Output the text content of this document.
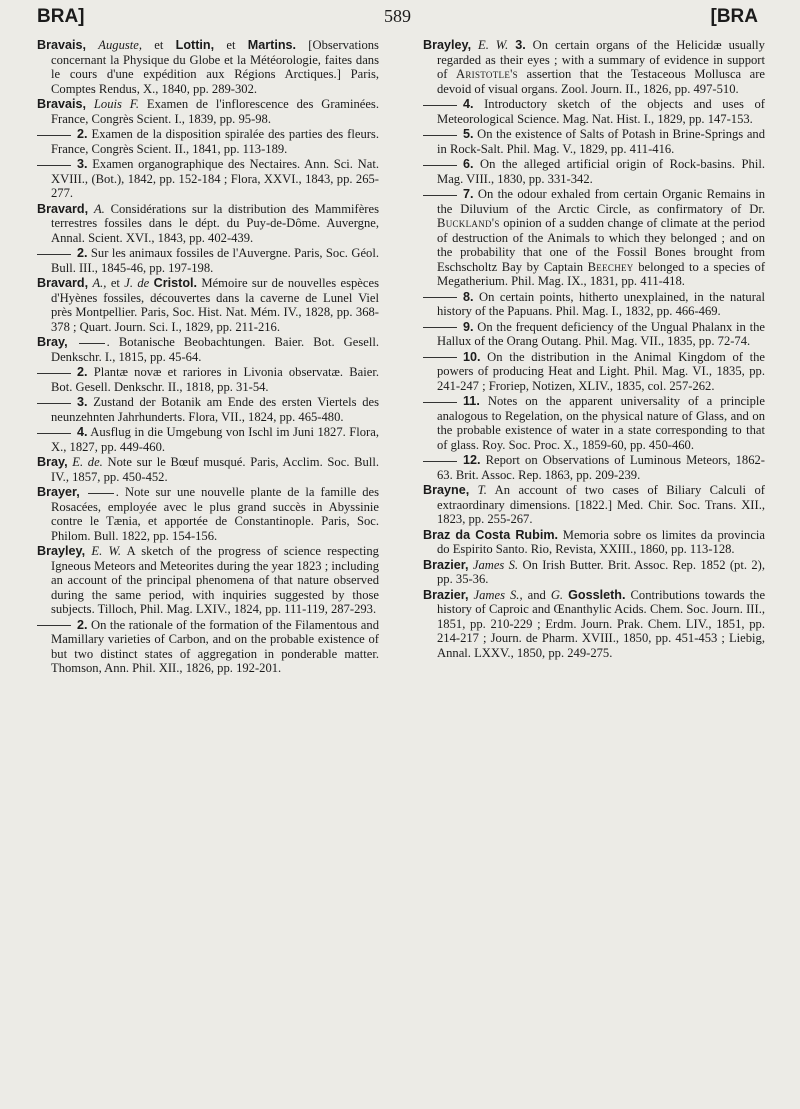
BRA]	589	[BRA
Bravais, Auguste, et Lottin, et Martins. [Observations concernant la Physique du Globe et la Météorologie, faites dans le cours d'une expédition aux Régions Arctiques.] Paris, Comptes Rendus, X., 1840, pp. 289-302.
Bravais, Louis F. Examen de l'inflorescence des Graminées. France, Congrès Scient. I., 1839, pp. 95-98.
2. Examen de la disposition spiralée des parties des fleurs. France, Congrès Scient. II., 1841, pp. 113-189.
3. Examen organographique des Nectaires. Ann. Sci. Nat. XVIII., (Bot.), 1842, pp. 152-184 ; Flora, XXVI., 1843, pp. 265-277.
Bravard, A. Considérations sur la distribution des Mammifères terrestres fossiles dans le dépt. du Puy-de-Dôme. Auvergne, Annal. Scient. XVI., 1843, pp. 402-439.
2. Sur les animaux fossiles de l'Auvergne. Paris, Soc. Géol. Bull. III., 1845-46, pp. 197-198.
Bravard, A., et J. de Cristol. Mémoire sur de nouvelles espèces d'Hyènes fossiles, découvertes dans la caverne de Lunel Viel près Montpellier. Paris, Soc. Hist. Nat. Mém. IV., 1828, pp. 368-378 ; Quart. Journ. Sci. I., 1829, pp. 211-216.
Bray,	. Botanische Beobachtungen. Baier. Bot. Gesell. Denkschr. I., 1815, pp. 45-64.
2. Plantæ novæ et rariores in Livonia observatæ. Baier. Bot. Gesell. Denkschr. II., 1818, pp. 31-54.
3. Zustand der Botanik am Ende des ersten Viertels des neunzehnten Jahrhunderts. Flora, VII., 1824, pp. 465-480.
4. Ausflug in die Umgebung von Ischl im Juni 1827. Flora, X., 1827, pp. 449-460.
Bray, E. de. Note sur le Bœuf musqué. Paris, Acclim. Soc. Bull. IV., 1857, pp. 450-452.
Brayer,	. Note sur une nouvelle plante de la famille des Rosacées, employée avec le plus grand succès in Abyssinie contre le Tænia, et apportée de Constantinople. Paris, Soc. Philom. Bull. 1822, pp. 154-156.
Brayley, E. W. A sketch of the progress of science respecting Igneous Meteors and Meteorites during the year 1823 ; including an account of the principal phenomena of that nature observed during the same period, with inquiries suggested by those subjects. Tilloch, Phil. Mag. LXIV., 1824, pp. 111-119, 287-293.
2. On the rationale of the formation of the Filamentous and Mamillary varieties of Carbon, and on the probable existence of but two distinct states of aggregation in ponderable matter. Thomson, Ann. Phil. XII., 1826, pp. 192-201.
Brayley, E. W. 3. On certain organs of the Helicidæ usually regarded as their eyes ; with a summary of evidence in support of Aristotle's assertion that the Testaceous Mollusca are devoid of visual organs. Zool. Journ. II., 1826, pp. 497-510.
4. Introductory sketch of the objects and uses of Meteorological Science. Mag. Nat. Hist. I., 1829, pp. 147-153.
5. On the existence of Salts of Potash in Brine-Springs and in Rock-Salt. Phil. Mag. V., 1829, pp. 411-416.
6. On the alleged artificial origin of Rock-basins. Phil. Mag. VIII., 1830, pp. 331-342.
7. On the odour exhaled from certain Organic Remains in the Diluvium of the Arctic Circle, as confirmatory of Dr. Buckland's opinion of a sudden change of climate at the period of destruction of the Animals to which they belonged ; and on the probability that one of the Fossil Bones brought from Eschscholtz Bay by Captain Beechey belonged to a species of Megatherium. Phil. Mag. IX., 1831, pp. 411-418.
8. On certain points, hitherto unexplained, in the natural history of the Papuans. Phil. Mag. I., 1832, pp. 466-469.
9. On the frequent deficiency of the Ungual Phalanx in the Hallux of the Orang Outang. Phil. Mag. VII., 1835, pp. 72-74.
10. On the distribution in the Animal Kingdom of the powers of producing Heat and Light. Phil. Mag. VI., 1835, pp. 241-247 ; Froriep, Notizen, XLIV., 1835, col. 257-262.
11. Notes on the apparent universality of a principle analogous to Regelation, on the physical nature of Glass, and on the probable existence of water in a state corresponding to that of glass. Roy. Soc. Proc. X., 1859-60, pp. 450-460.
12. Report on Observations of Luminous Meteors, 1862-63. Brit. Assoc. Rep. 1863, pp. 209-239.
Brayne, T. An account of two cases of Biliary Calculi of extraordinary dimensions. [1822.] Med. Chir. Soc. Trans. XII., 1823, pp. 255-267.
Braz da Costa Rubim. Memoria sobre os limites da provincia do Espirito Santo. Rio, Revista, XXIII., 1860, pp. 113-128.
Brazier, James S. On Irish Butter. Brit. Assoc. Rep. 1852 (pt. 2), pp. 35-36.
Brazier, James S., and G. Gossleth. Contributions towards the history of Caproic and Œnanthylic Acids. Chem. Soc. Journ. III., 1851, pp. 210-229 ; Erdm. Journ. Prak. Chem. LIV., 1851, pp. 214-217 ; Journ. de Pharm. XVIII., 1850, pp. 451-453 ; Liebig, Annal. LXXV., 1850, pp. 249-275.
